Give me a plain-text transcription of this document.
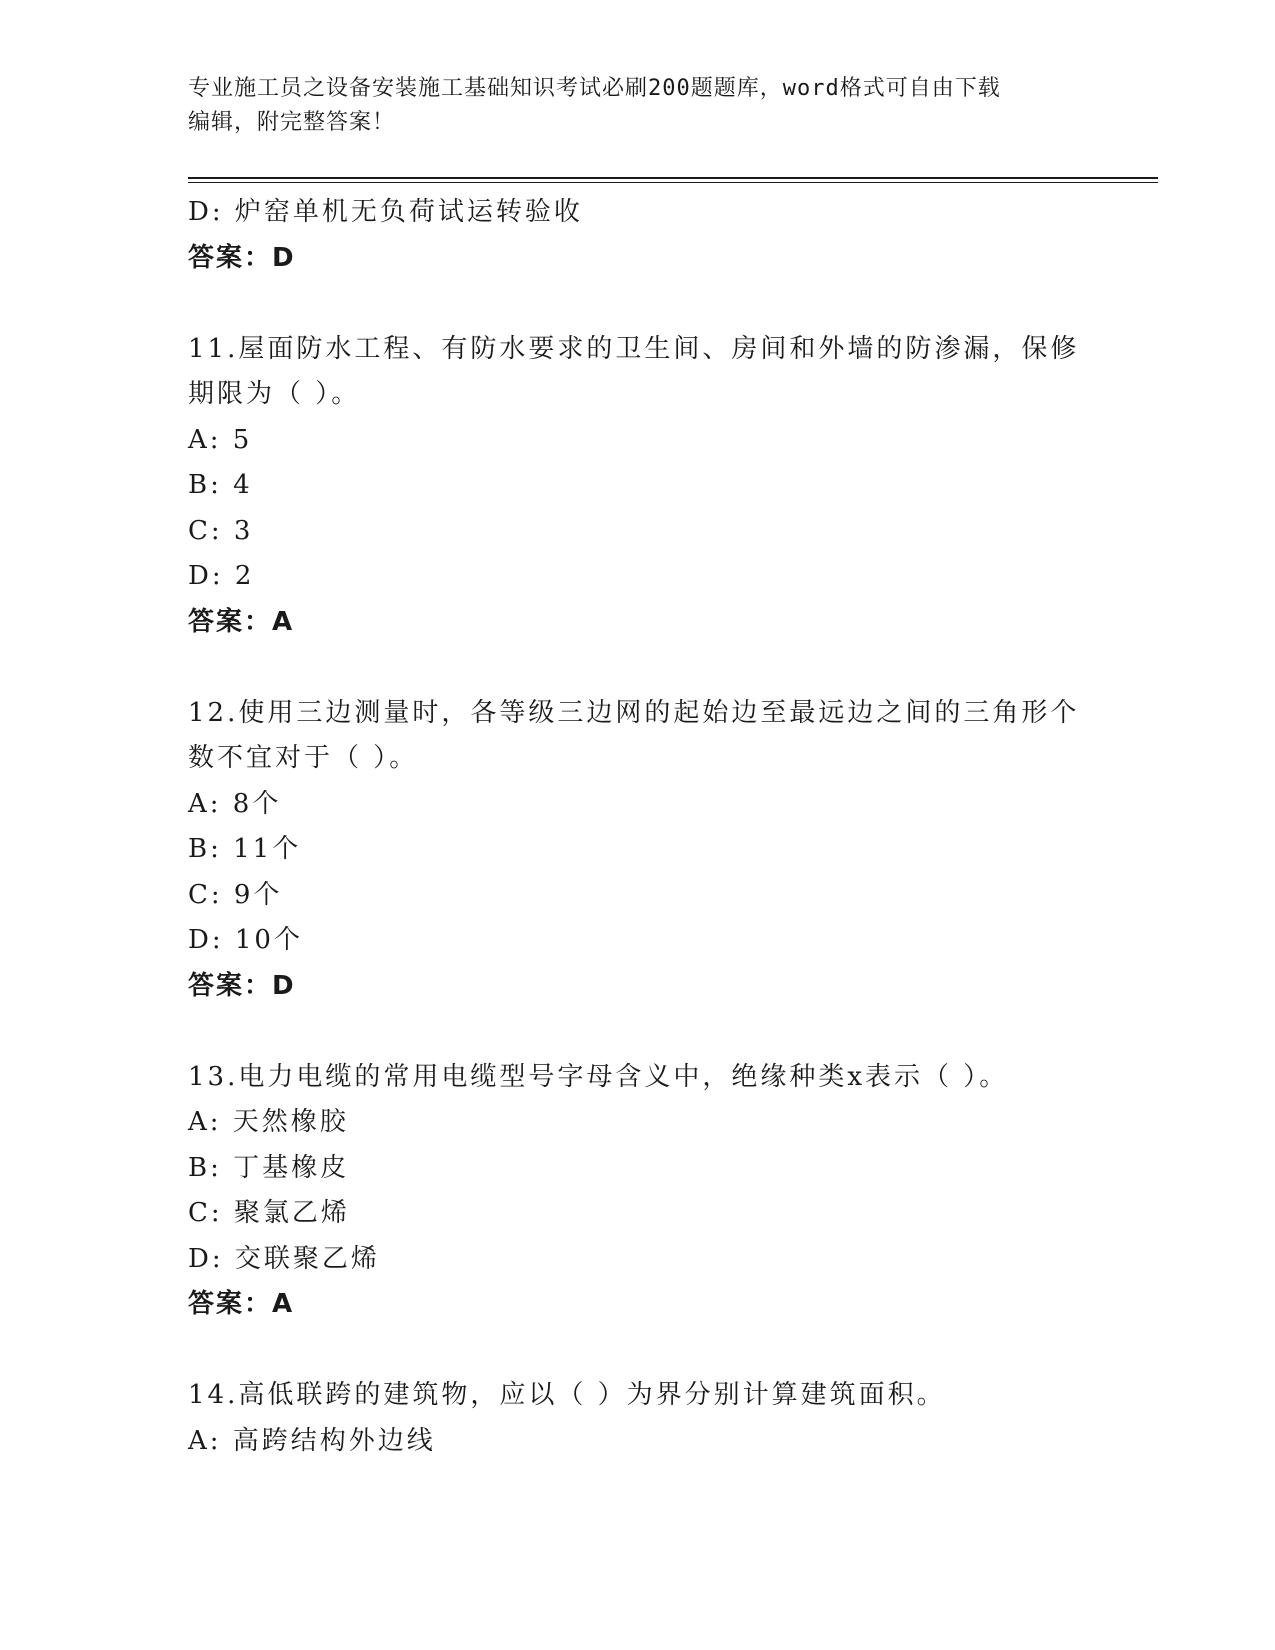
专业施工员之设备安装施工基础知识考试必刷200题题库，word格式可自由下载
编辑，附完整答案！
D: 炉窑单机无负荷试运转验收
答案：D
11.屋面防水工程、有防水要求的卫生间、房间和外墙的防渗漏，保修期限为（ ）。
A: 5
B: 4
C: 3
D: 2
答案：A
12.使用三边测量时，各等级三边网的起始边至最远边之间的三角形个数不宜对于（ ）。
A: 8个
B: 11个
C: 9个
D: 10个
答案：D
13.电力电缆的常用电缆型号字母含义中，绝缘种类x表示（ ）。
A: 天然橡胶
B: 丁基橡皮
C: 聚氯乙烯
D: 交联聚乙烯
答案：A
14.高低联跨的建筑物，应以（ ）为界分别计算建筑面积。
A: 高跨结构外边线
